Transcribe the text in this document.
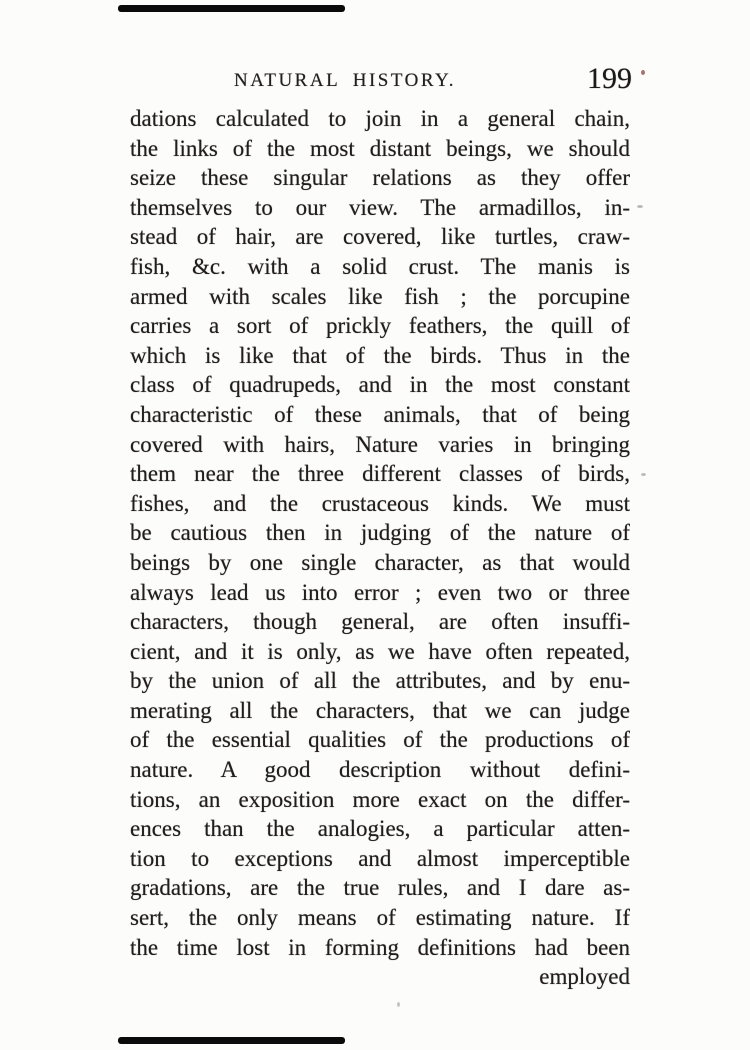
NATURAL HISTORY.	199
dations calculated to join in a general chain,
the links of the most distant beings, we should
seize these singular relations as they offer
themselves to our view. The armadillos, in-
stead of hair, are covered, like turtles, craw-
fish, &c. with a solid crust. The manis is
armed with scales like fish ; the porcupine
carries a sort of prickly feathers, the quill of
which is like that of the birds. Thus in the
class of quadrupeds, and in the most constant
characteristic of these animals, that of being
covered with hairs, Nature varies in bringing
them near the three different classes of birds,
fishes, and the crustaceous kinds. We must
be cautious then in judging of the nature of
beings by one single character, as that would
always lead us into error ; even two or three
characters, though general, are often insuffi-
cient, and it is only, as we have often repeated,
by the union of all the attributes, and by enu-
merating all the characters, that we can judge
of the essential qualities of the productions of
nature. A good description without defini-
tions, an exposition more exact on the differ-
ences than the analogies, a particular atten-
tion to exceptions and almost imperceptible
gradations, are the true rules, and I dare as-
sert, the only means of estimating nature. If
the time lost in forming definitions had been
employed
